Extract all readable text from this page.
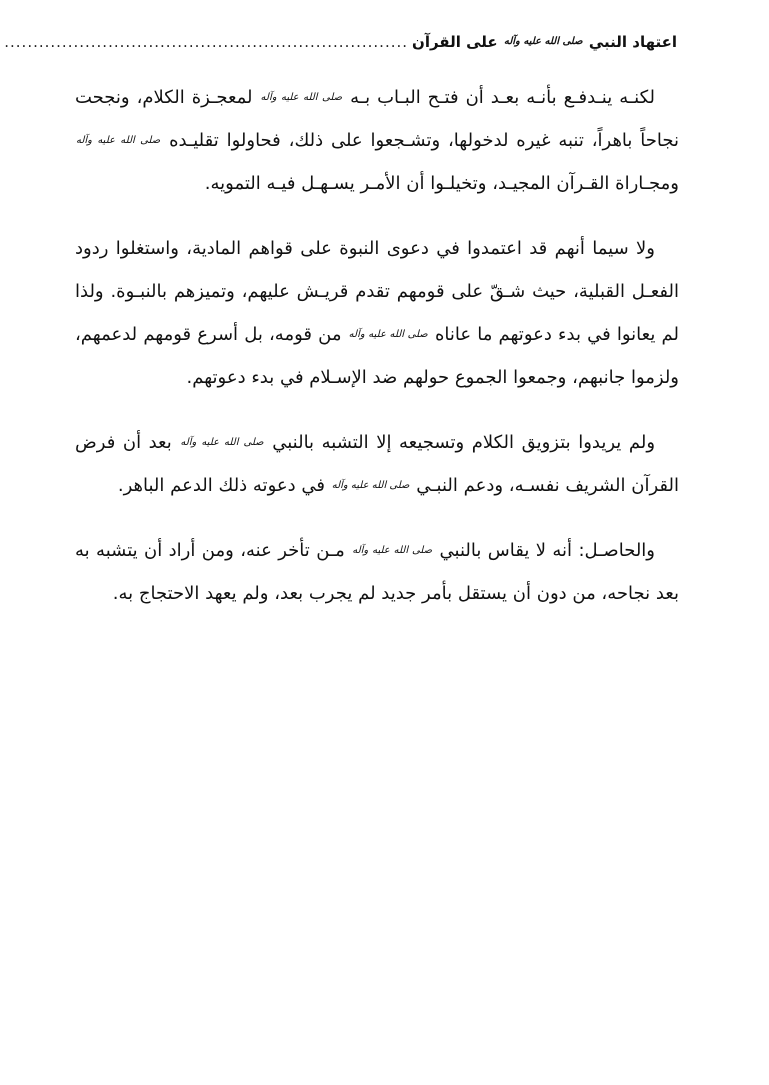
اعتهاد النبي $^{صلى الله عليه وآله}$ على القرآن
......................................................................

لكنـه ينـدفـع بأنـه بعـد أن فتـح البـاب بـه صلى الله عليه وآله لمعجـزة الكلام، ونجحت نجاحاً باهراً، تنبه غيره لدخولها، وتشـجعوا على ذلك، فحاولوا تقليـده صلى الله عليه وآله ومجـاراة القـرآن المجيـد، وتخيلـوا أن الأمـر يسـهـل فيـه التمويه.

ولا سيما أنهم قد اعتمدوا في دعوى النبوة على قواهم المادية، واستغلوا ردود الفعـل القبلية، حيث شـقّ على قومهم تقدم قريـش عليهم، وتميزهم بالنبـوة. ولذا لم يعانوا في بدء دعوتهم ما عاناه صلى الله عليه وآله من قومه، بل أسرع قومهم لدعمهم، ولزموا جانبهم، وجمعوا الجموع حولهم ضد الإسـلام في بدء دعوتهم.

ولم يريدوا بتزويق الكلام وتسجيعه إلا التشبه بالنبي صلى الله عليه وآله بعد أن فرض القرآن الشريف نفسـه، ودعم النبـي صلى الله عليه وآله في دعوته ذلك الدعم الباهر.

والحاصـل: أنه لا يقاس بالنبي صلى الله عليه وآله مـن تأخر عنه، ومن أراد أن يتشبه به بعد نجاحه، من دون أن يستقل بأمر جديد لم يجرب بعد، ولم يعهد الاحتجاج به.
